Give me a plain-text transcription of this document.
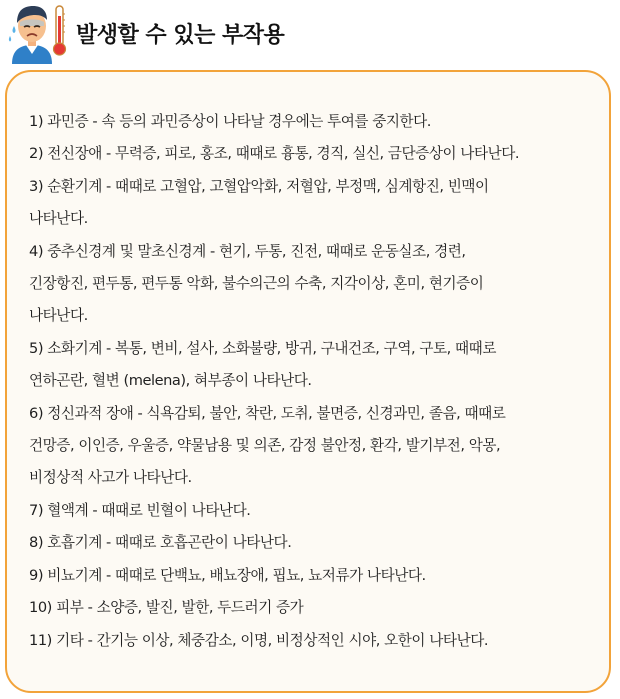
발생할 수 있는 부작용
1) 과민증 - 속 등의 과민증상이 나타날 경우에는 투여를 중지한다.
2) 전신장애 - 무력증, 피로, 홍조, 때때로 흉통, 경직, 실신, 금단증상이 나타난다.
3) 순환기계 - 때때로 고혈압, 고혈압악화, 저혈압, 부정맥, 심계항진, 빈맥이
나타난다.
4) 중추신경계 및 말초신경계 - 현기, 두통, 진전, 때때로 운동실조, 경련,
긴장항진, 편두통, 편두통 악화, 불수의근의 수축, 지각이상, 혼미, 현기증이
나타난다.
5) 소화기계 - 복통, 변비, 설사, 소화불량, 방귀, 구내건조, 구역, 구토, 때때로
연하곤란, 혈변 (melena), 혀부종이 나타난다.
6) 정신과적 장애 - 식욕감퇴, 불안, 착란, 도취, 불면증, 신경과민, 졸음, 때때로
건망증, 이인증, 우울증, 약물남용 및 의존, 감정 불안정, 환각, 발기부전, 악몽,
비정상적 사고가 나타난다.
7) 혈액계 - 때때로 빈혈이 나타난다.
8) 호흡기계 - 때때로 호흡곤란이 나타난다.
9) 비뇨기계 - 때때로 단백뇨, 배뇨장애, 핍뇨, 뇨저류가 나타난다.
10) 피부 - 소양증, 발진, 발한, 두드러기 증가
11) 기타 - 간기능 이상, 체중감소, 이명, 비정상적인 시야, 오한이 나타난다.
